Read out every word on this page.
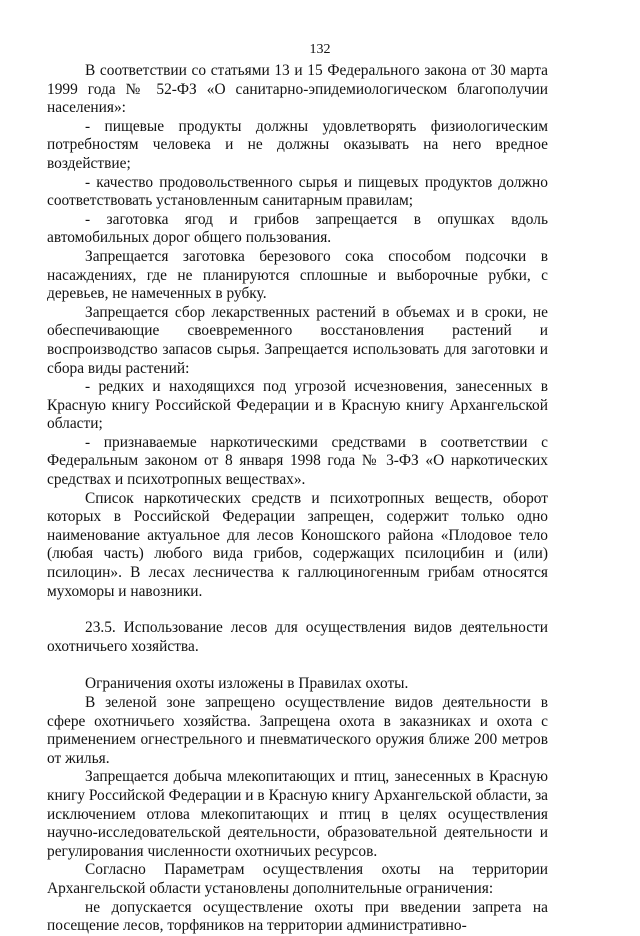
132

В соответствии со статьями 13 и 15 Федерального закона от 30 марта 1999 года № 52-ФЗ «О санитарно-эпидемиологическом благополучии населения»:

- пищевые продукты должны удовлетворять физиологическим потребностям человека и не должны оказывать на него вредное воздействие;

- качество продовольственного сырья и пищевых продуктов должно соответствовать установленным санитарным правилам;

- заготовка ягод и грибов запрещается в опушках вдоль автомобильных дорог общего пользования.

Запрещается заготовка березового сока способом подсочки в насаждениях, где не планируются сплошные и выборочные рубки, с деревьев, не намеченных в рубку.

Запрещается сбор лекарственных растений в объемах и в сроки, не обеспечивающие своевременного восстановления растений и воспроизводство запасов сырья. Запрещается использовать для заготовки и сбора виды растений:

- редких и находящихся под угрозой исчезновения, занесенных в Красную книгу Российской Федерации и в Красную книгу Архангельской области;

- признаваемые наркотическими средствами в соответствии с Федеральным законом от 8 января 1998 года № 3-ФЗ «О наркотических средствах и психотропных веществах».

Список наркотических средств и психотропных веществ, оборот которых в Российской Федерации запрещен, содержит только одно наименование актуальное для лесов Коношского района «Плодовое тело (любая часть) любого вида грибов, содержащих псилоцибин и (или) псилоцин». В лесах лесничества к галлюциногенным грибам относятся мухоморы и навозники.

23.5. Использование лесов для осуществления видов деятельности охотничьего хозяйства.

Ограничения охоты изложены в Правилах охоты.

В зеленой зоне запрещено осуществление видов деятельности в сфере охотничьего хозяйства. Запрещена охота в заказниках и охота с применением огнестрельного и пневматического оружия ближе 200 метров от жилья.

Запрещается добыча млекопитающих и птиц, занесенных в Красную книгу Российской Федерации и в Красную книгу Архангельской области, за исключением отлова млекопитающих и птиц в целях осуществления научно-исследовательской деятельности, образовательной деятельности и регулирования численности охотничьих ресурсов.

Согласно Параметрам осуществления охоты на территории Архангельской области установлены дополнительные ограничения:

не допускается осуществление охоты при введении запрета на посещение лесов, торфяников на территории административно-
